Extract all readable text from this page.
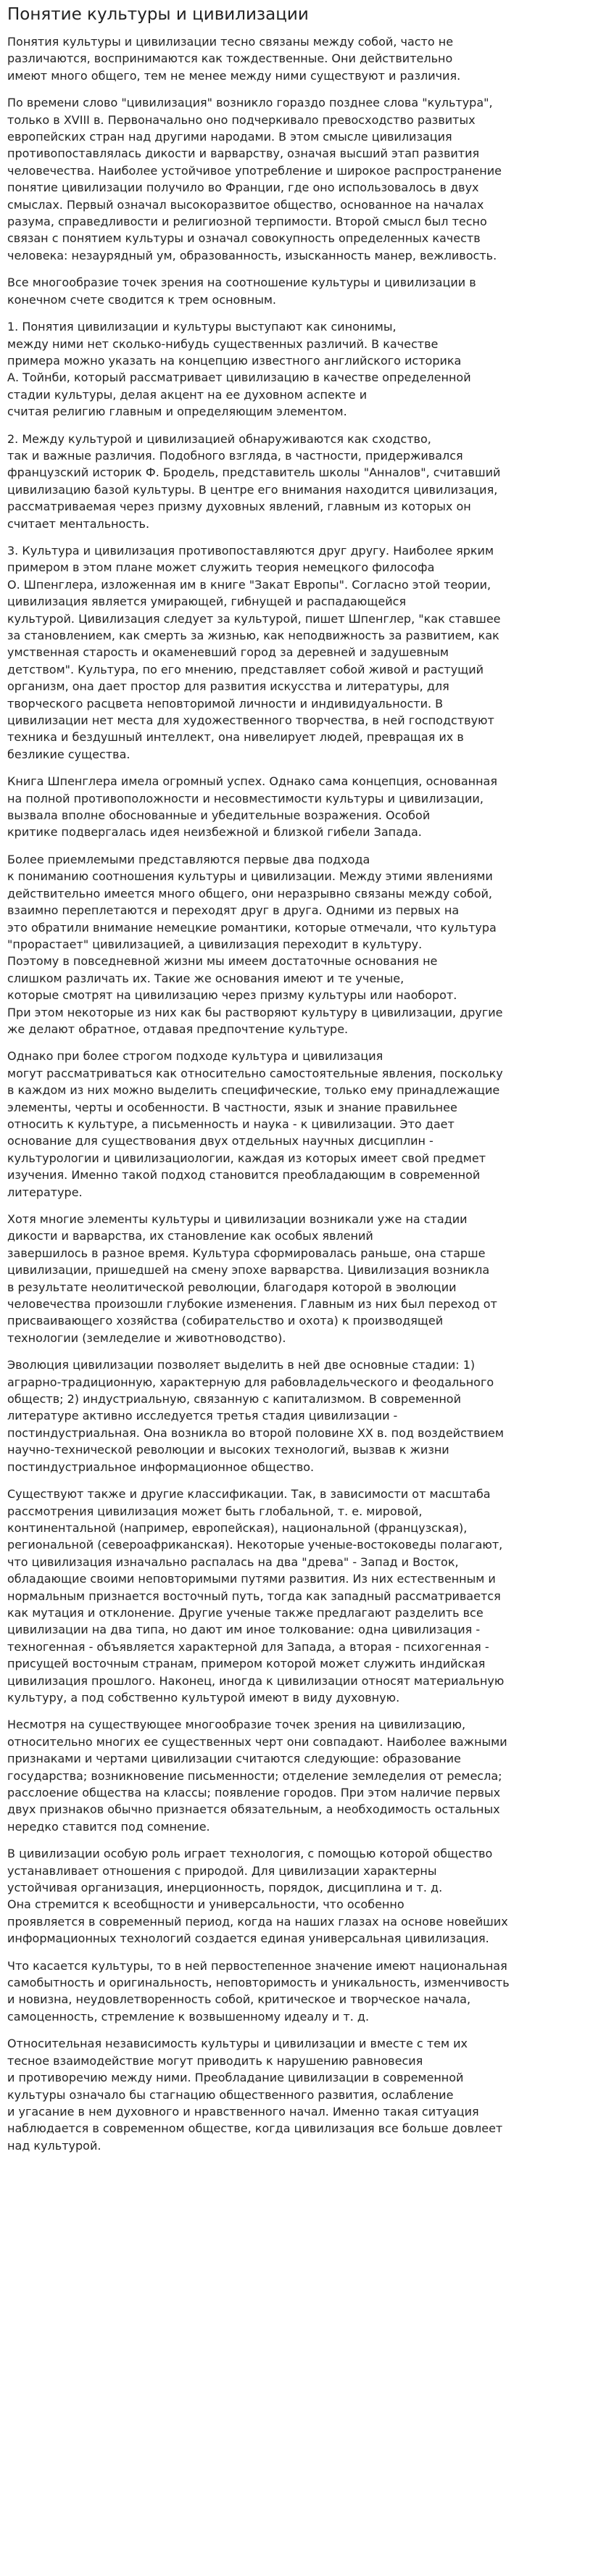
Понятие культуры и цивилизации

Понятия культуры и цивилизации тесно связаны между собой, часто не
различаются, воспринимаются как тождественные. Они действительно
имеют много общего, тем не менее между ними существуют и различия.

По времени слово "цивилизация" возникло гораздо позднее слова "культура",
только в XVIII в. Первоначально оно подчеркивало превосходство развитых
европейских стран над другими народами. В этом смысле цивилизация
противопоставлялась дикости и варварству, означая высший этап развития
человечества. Наиболее устойчивое употребление и широкое распространение
понятие цивилизации получило во Франции, где оно использовалось в двух
смыслах. Первый означал высокоразвитое общество, основанное на началах
разума, справедливости и религиозной терпимости. Второй смысл был тесно
связан с понятием культуры и означал совокупность определенных качеств
человека: незаурядный ум, образованность, изысканность манер, вежливость.

Все многообразие точек зрения на соотношение культуры и цивилизации в
конечном счете сводится к трем основным.

1. Понятия цивилизации и культуры выступают как синонимы,
между ними нет сколько-нибудь существенных различий. В качестве
примера можно указать на концепцию известного английского историка
А. Тойнби, который рассматривает цивилизацию в качестве определенной
стадии культуры, делая акцент на ее духовном аспекте и
считая религию главным и определяющим элементом.

2. Между культурой и цивилизацией обнаруживаются как сходство,
так и важные различия. Подобного взгляда, в частности, придерживался
французский историк Ф. Бродель, представитель школы "Анналов", считавший
цивилизацию базой культуры. В центре его внимания находится цивилизация,
рассматриваемая через призму духовных явлений, главным из которых он
считает ментальность.

3. Культура и цивилизация противопоставляются друг другу. Наиболее ярким
примером в этом плане может служить теория немецкого философа
О. Шпенглера, изложенная им в книге "Закат Европы". Согласно этой теории,
цивилизация является умирающей, гибнущей и распадающейся
культурой. Цивилизация следует за культурой, пишет Шпенглер, "как ставшее
за становлением, как смерть за жизнью, как неподвижность за развитием, как
умственная старость и окаменевший город за деревней и задушевным
детством". Культура, по его мнению, представляет собой живой и растущий
организм, она дает простор для развития искусства и литературы, для
творческого расцвета неповторимой личности и индивидуальности. В
цивилизации нет места для художественного творчества, в ней господствуют
техника и бездушный интеллект, она нивелирует людей, превращая их в
безликие существа.

Книга Шпенглера имела огромный успех. Однако сама концепция, основанная
на полной противоположности и несовместимости культуры и цивилизации,
вызвала вполне обоснованные и убедительные возражения. Особой
критике подвергалась идея неизбежной и близкой гибели Запада.

Более приемлемыми представляются первые два подхода
к пониманию соотношения культуры и цивилизации. Между этими явлениями
действительно имеется много общего, они неразрывно связаны между собой,
взаимно переплетаются и переходят друг в друга. Одними из первых на
это обратили внимание немецкие романтики, которые отмечали, что культура
"прорастает" цивилизацией, а цивилизация переходит в культуру.
Поэтому в повседневной жизни мы имеем достаточные основания не
слишком различать их. Такие же основания имеют и те ученые,
которые смотрят на цивилизацию через призму культуры или наоборот.
При этом некоторые из них как бы растворяют культуру в цивилизации, другие
же делают обратное, отдавая предпочтение культуре.

Однако при более строгом подходе культура и цивилизация
могут рассматриваться как относительно самостоятельные явления, поскольку
в каждом из них можно выделить специфические, только ему принадлежащие
элементы, черты и особенности. В частности, язык и знание правильнее
относить к культуре, а письменность и наука - к цивилизации. Это дает
основание для существования двух отдельных научных дисциплин -
культурологии и цивилизациологии, каждая из которых имеет свой предмет
изучения. Именно такой подход становится преобладающим в современной
литературе.

Хотя многие элементы культуры и цивилизации возникали уже на стадии
дикости и варварства, их становление как особых явлений
завершилось в разное время. Культура сформировалась раньше, она старше
цивилизации, пришедшей на смену эпохе варварства. Цивилизация возникла
в результате неолитической революции, благодаря которой в эволюции
человечества произошли глубокие изменения. Главным из них был переход от
присваивающего хозяйства (собирательство и охота) к производящей
технологии (земледелие и животноводство).

Эволюция цивилизации позволяет выделить в ней две основные стадии: 1)
аграрно-традиционную, характерную для рабовладельческого и феодального
обществ; 2) индустриальную, связанную с капитализмом. В современной
литературе активно исследуется третья стадия цивилизации -
постиндустриальная. Она возникла во второй половине XX в. под воздействием
научно-технической революции и высоких технологий, вызвав к жизни
постиндустриальное информационное общество.

Существуют также и другие классификации. Так, в зависимости от масштаба
рассмотрения цивилизация может быть глобальной, т. е. мировой,
континентальной (например, европейская), национальной (французская),
региональной (североафриканская). Некоторые ученые-востоковеды полагают,
что цивилизация изначально распалась на два "древа" - Запад и Восток,
обладающие своими неповторимыми путями развития. Из них естественным и
нормальным признается восточный путь, тогда как западный рассматривается
как мутация и отклонение. Другие ученые также предлагают разделить все
цивилизации на два типа, но дают им иное толкование: одна цивилизация -
техногенная - объявляется характерной для Запада, а вторая - психогенная -
присущей восточным странам, примером которой может служить индийская
цивилизация прошлого. Наконец, иногда к цивилизации относят материальную
культуру, а под собственно культурой имеют в виду духовную.

Несмотря на существующее многообразие точек зрения на цивилизацию,
относительно многих ее существенных черт они совпадают. Наиболее важными
признаками и чертами цивилизации считаются следующие: образование
государства; возникновение письменности; отделение земледелия от ремесла;
расслоение общества на классы; появление городов. При этом наличие первых
двух признаков обычно признается обязательным, а необходимость остальных
нередко ставится под сомнение.

В цивилизации особую роль играет технология, с помощью которой общество
устанавливает отношения с природой. Для цивилизации характерны
устойчивая организация, инерционность, порядок, дисциплина и т. д.
Она стремится к всеобщности и универсальности, что особенно
проявляется в современный период, когда на наших глазах на основе новейших
информационных технологий создается единая универсальная цивилизация.

Что касается культуры, то в ней первостепенное значение имеют национальная
самобытность и оригинальность, неповторимость и уникальность, изменчивость
и новизна, неудовлетворенность собой, критическое и творческое начала,
самоценность, стремление к возвышенному идеалу и т. д.

Относительная независимость культуры и цивилизации и вместе с тем их
тесное взаимодействие могут приводить к нарушению равновесия
и противоречию между ними. Преобладание цивилизации в современной
культуры означало бы стагнацию общественного развития, ослабление
и угасание в нем духовного и нравственного начал. Именно такая ситуация
наблюдается в современном обществе, когда цивилизация все больше довлеет
над культурой.
